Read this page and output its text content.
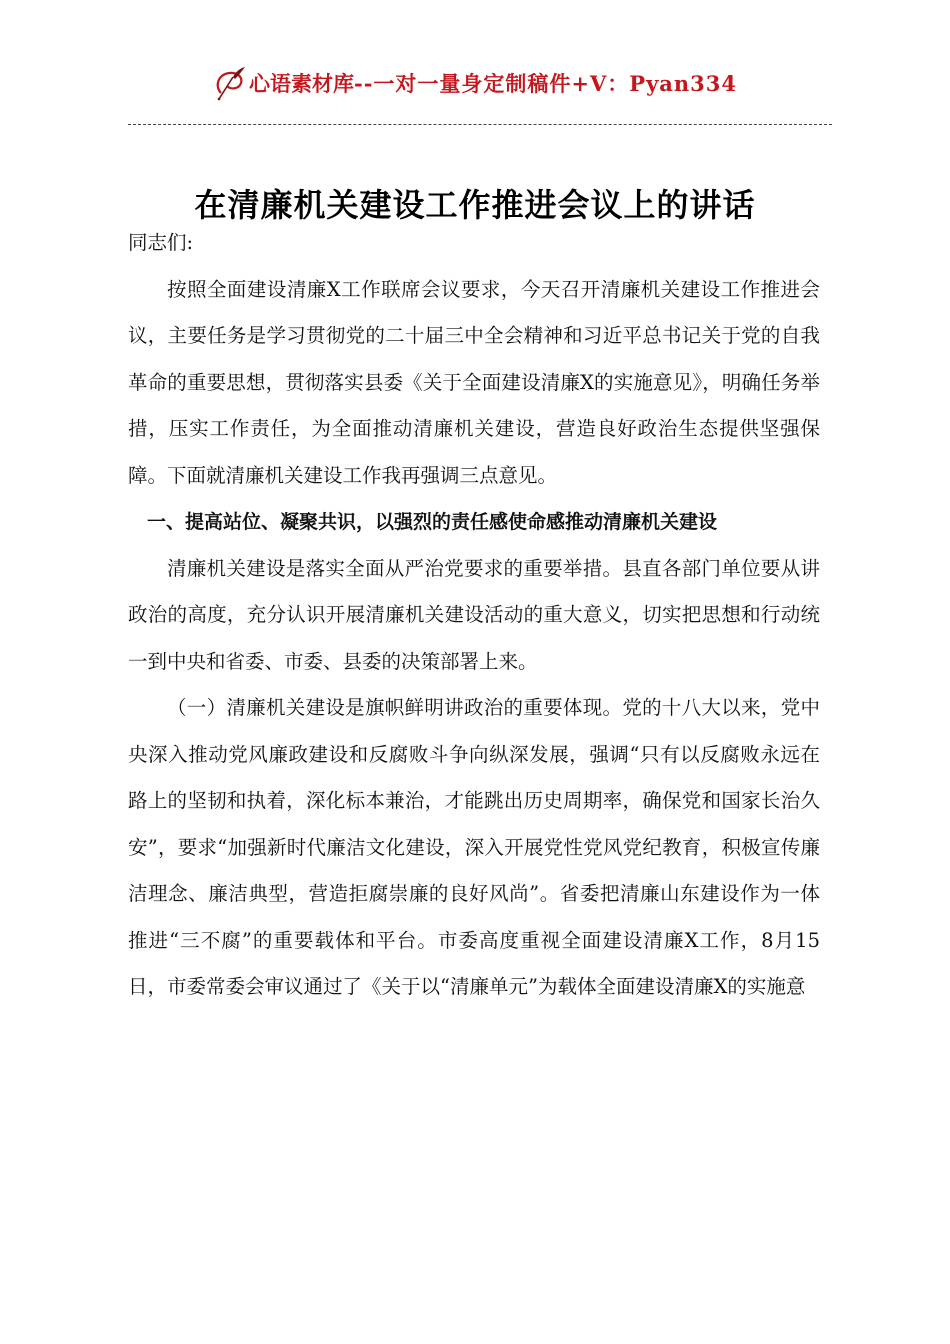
心语素材库 --一对一量身定制稿件+V：Pyan334
在清廉机关建设工作推进会议上的讲话

同志们:

按照全面建设清廉X工作联席会议要求，今天召开清廉机关建设工作推进会议，主要任务是学习贯彻党的二十届三中全会精神和习近平总书记关于党的自我革命的重要思想，贯彻落实县委《关于全面建设清廉X的实施意见》，明确任务举措，压实工作责任，为全面推动清廉机关建设，营造良好政治生态提供坚强保障。下面就清廉机关建设工作我再强调三点意见。

一、提高站位、凝聚共识，以强烈的责任感使命感推动清廉机关建设

清廉机关建设是落实全面从严治党要求的重要举措。县直各部门单位要从讲政治的高度，充分认识开展清廉机关建设活动的重大意义，切实把思想和行动统一到中央和省委、市委、县委的决策部署上来。

（一）清廉机关建设是旗帜鲜明讲政治的重要体现。党的十八大以来，党中央深入推动党风廉政建设和反腐败斗争向纵深发展，强调“只有以反腐败永远在路上的坚韧和执着，深化标本兼治，才能跳出历史周期率，确保党和国家长治久安”，要求“加强新时代廉洁文化建设，深入开展党性党风党纪教育，积极宣传廉洁理念、廉洁典型，营造拒腐崇廉的良好风尚”。省委把清廉山东建设作为一体推进“三不腐”的重要载体和平台。市委高度重视全面建设清廉X工作，8月15日，市委常委会审议通过了《关于以“清廉单元”为载体全面建设清廉X的实施意
